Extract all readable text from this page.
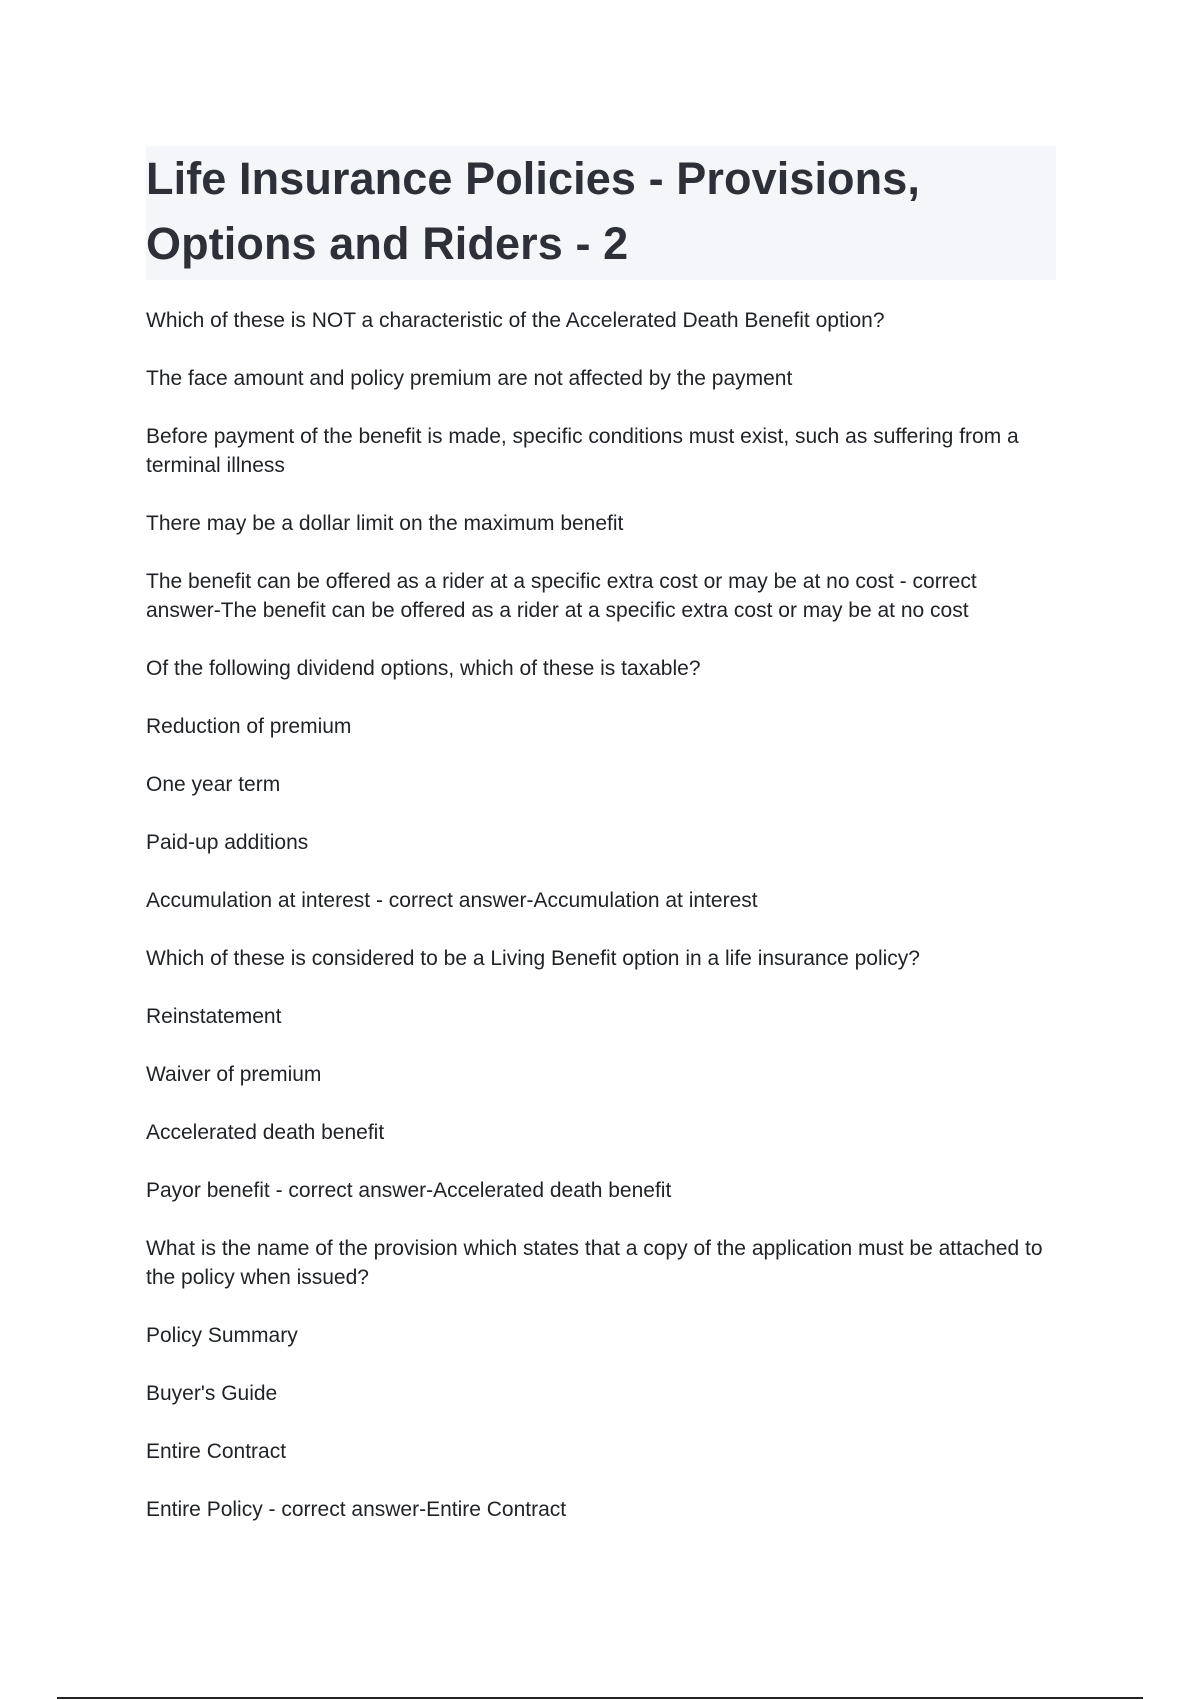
Life Insurance Policies - Provisions, Options and Riders - 2

Which of these is NOT a characteristic of the Accelerated Death Benefit option?

The face amount and policy premium are not affected by the payment

Before payment of the benefit is made, specific conditions must exist, such as suffering from a terminal illness

There may be a dollar limit on the maximum benefit

The benefit can be offered as a rider at a specific extra cost or may be at no cost - correct answer-The benefit can be offered as a rider at a specific extra cost or may be at no cost

Of the following dividend options, which of these is taxable?

Reduction of premium

One year term

Paid-up additions

Accumulation at interest - correct answer-Accumulation at interest

Which of these is considered to be a Living Benefit option in a life insurance policy?

Reinstatement

Waiver of premium

Accelerated death benefit

Payor benefit - correct answer-Accelerated death benefit

What is the name of the provision which states that a copy of the application must be attached to the policy when issued?

Policy Summary

Buyer's Guide

Entire Contract

Entire Policy - correct answer-Entire Contract
